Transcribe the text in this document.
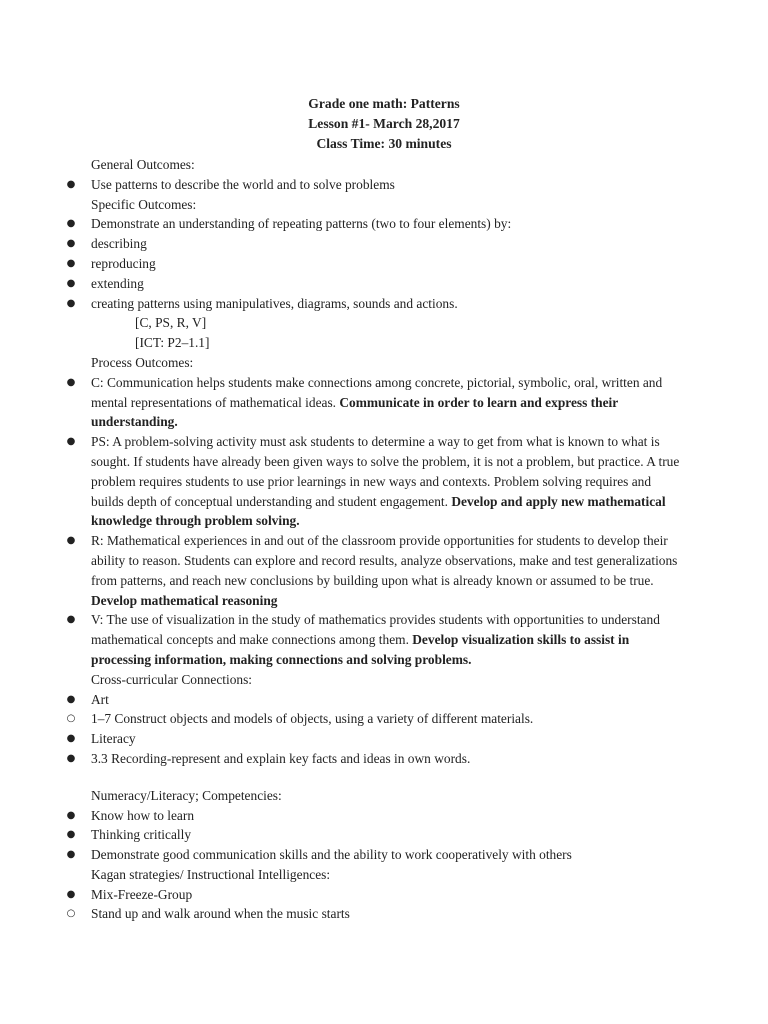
Grade one math: Patterns
Lesson #1- March 28,2017
Class Time: 30 minutes
General Outcomes:
● Use patterns to describe the world and to solve problems
Specific Outcomes:
● Demonstrate an understanding of repeating patterns (two to four elements) by:
● describing
● reproducing
● extending
● creating patterns using manipulatives, diagrams, sounds and actions.
[C, PS, R, V]
[ICT: P2–1.1]
Process Outcomes:
● C: Communication helps students make connections among concrete, pictorial, symbolic, oral, written and mental representations of mathematical ideas. Communicate in order to learn and express their understanding.
● PS: A problem-solving activity must ask students to determine a way to get from what is known to what is sought. If students have already been given ways to solve the problem, it is not a problem, but practice. A true problem requires students to use prior learnings in new ways and contexts. Problem solving requires and builds depth of conceptual understanding and student engagement. Develop and apply new mathematical knowledge through problem solving.
● R: Mathematical experiences in and out of the classroom provide opportunities for students to develop their ability to reason. Students can explore and record results, analyze observations, make and test generalizations from patterns, and reach new conclusions by building upon what is already known or assumed to be true. Develop mathematical reasoning
● V: The use of visualization in the study of mathematics provides students with opportunities to understand mathematical concepts and make connections among them. Develop visualization skills to assist in processing information, making connections and solving problems.
Cross-curricular Connections:
● Art
○ 1–7 Construct objects and models of objects, using a variety of different materials.
● Literacy
● 3.3 Recording-represent and explain key facts and ideas in own words.
Numeracy/Literacy; Competencies:
● Know how to learn
● Thinking critically
● Demonstrate good communication skills and the ability to work cooperatively with others
Kagan strategies/ Instructional Intelligences:
● Mix-Freeze-Group
○ Stand up and walk around when the music starts
